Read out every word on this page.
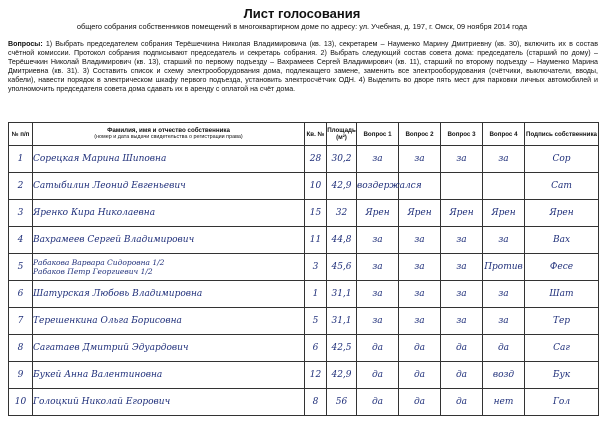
Лист голосования
общего собрания собственников помещений в многоквартирном доме по адресу: ул. Учебная, д. 197, г. Омск, 09 ноября 2014 года
Вопросы: 1) Выбрать председателем собрания Терёшечкина Николая Владимировича (кв. 13), секретарем – Науменко Марину Дмитриевну (кв. 30), включить их в состав счётной комиссии. Протокол собрания подписывают председатель и секретарь собрания. 2) Выбрать следующий состав совета дома: председатель (старший по дому) – Терёшечкин Николай Владимирович (кв. 13), старший по первому подъезду – Вахрамеев Сергей Владимирович (кв. 11), старший по второму подъезду – Науменко Марина Дмитриевна (кв. 31). 3) Составить список и схему электрооборудования дома, подлежащего замене, заменить все электрооборудования (счётчики, выключатели, вводы, кабели), навести порядок в электрическом шкафу первого подъезда, установить электросчётчик ОДН. 4) Выделить во дворе пять мест для парковки личных автомобилей и уполномочить председателя совета дома сдавать их в аренду с оплатой на счёт дома.
№ п/п	Фамилия, имя и отчество собственника
(номер и дата выдачи свидетельства о регистрации права)	Кв. №	Площадь (м²)	Вопрос 1	Вопрос 2	Вопрос 3	Вопрос 4	Подпись собственника
1	Сорецкая Марина Шиповна	28	30,2	за	за	за	за	Сор
2	Сатыбилин Леонид Евгеньевич	10	42,9	воздержался				Сат
3	Яренко Кира Николаевна	15	32	Ярен	Ярен	Ярен	Ярен	Ярен
4	Вахрамеев Сергей Владимирович	11	44,8	за	за	за	за	Вах
5	Рабакова Варвара Сидоровна 1/2
Рабаков Петр Георгиевич 1/2	3	45,6	за	за	за	Против	Фесе
6	Шатурская Любовь Владимировна	1	31,1	за	за	за	за	Шат
7	Терешенкина Ольга Борисовна	5	31,1	за	за	за	за	Тер
8	Сагатаев Дмитрий Эдуардович	6	42,5	да	да	да	да	Саг
9	Букей Анна Валентиновна	12	42,9	да	да	да	возд	Бук
10	Голоцкий Николай Егорович	8	56	да	да	да	нет	Гол
